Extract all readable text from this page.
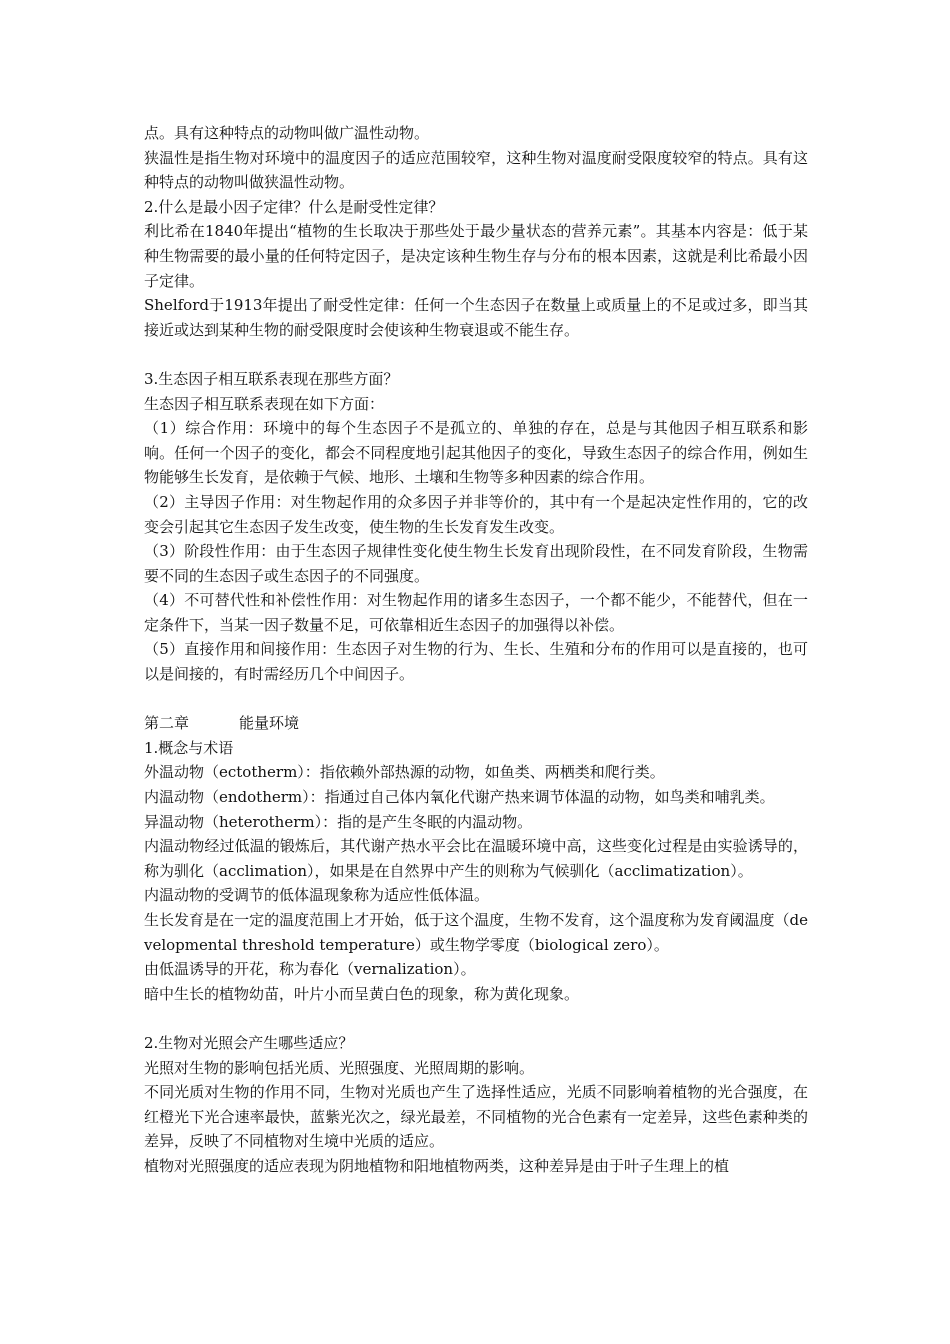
点。具有这种特点的动物叫做广温性动物。

狭温性是指生物对环境中的温度因子的适应范围较窄，这种生物对温度耐受限度较窄的特点。具有这种特点的动物叫做狭温性动物。

2.什么是最小因子定律？什么是耐受性定律？

利比希在1840年提出“植物的生长取决于那些处于最少量状态的营养元素”。其基本内容是：低于某种生物需要的最小量的任何特定因子，是决定该种生物生存与分布的根本因素，这就是利比希最小因子定律。

Shelford于1913年提出了耐受性定律：任何一个生态因子在数量上或质量上的不足或过多，即当其接近或达到某种生物的耐受限度时会使该种生物衰退或不能生存。

3.生态因子相互联系表现在那些方面？

生态因子相互联系表现在如下方面：

（1）综合作用：环境中的每个生态因子不是孤立的、单独的存在，总是与其他因子相互联系和影响。任何一个因子的变化，都会不同程度地引起其他因子的变化，导致生态因子的综合作用，例如生物能够生长发育，是依赖于气候、地形、土壤和生物等多种因素的综合作用。

（2）主导因子作用：对生物起作用的众多因子并非等价的，其中有一个是起决定性作用的，它的改变会引起其它生态因子发生改变，使生物的生长发育发生改变。

（3）阶段性作用：由于生态因子规律性变化使生物生长发育出现阶段性，在不同发育阶段，生物需要不同的生态因子或生态因子的不同强度。

（4）不可替代性和补偿性作用：对生物起作用的诸多生态因子，一个都不能少，不能替代，但在一定条件下，当某一因子数量不足，可依靠相近生态因子的加强得以补偿。

（5）直接作用和间接作用：生态因子对生物的行为、生长、生殖和分布的作用可以是直接的，也可以是间接的，有时需经历几个中间因子。

第二章	能量环境

1.概念与术语

外温动物（ectotherm）：指依赖外部热源的动物，如鱼类、两栖类和爬行类。

内温动物（endotherm）：指通过自己体内氧化代谢产热来调节体温的动物，如鸟类和哺乳类。

异温动物（heterotherm）：指的是产生冬眠的内温动物。

内温动物经过低温的锻炼后，其代谢产热水平会比在温暖环境中高，这些变化过程是由实验诱导的，称为驯化（acclimation），如果是在自然界中产生的则称为气候驯化（acclimatization）。

内温动物的受调节的低体温现象称为适应性低体温。

生长发育是在一定的温度范围上才开始，低于这个温度，生物不发育，这个温度称为发育阈温度（developmental threshold temperature）或生物学零度（biological zero）。

由低温诱导的开花，称为春化（vernalization）。

暗中生长的植物幼苗，叶片小而呈黄白色的现象，称为黄化现象。

2.生物对光照会产生哪些适应？

光照对生物的影响包括光质、光照强度、光照周期的影响。

不同光质对生物的作用不同，生物对光质也产生了选择性适应，光质不同影响着植物的光合强度，在红橙光下光合速率最快，蓝紫光次之，绿光最差，不同植物的光合色素有一定差异，这些色素种类的差异，反映了不同植物对生境中光质的适应。

植物对光照强度的适应表现为阴地植物和阳地植物两类，这种差异是由于叶子生理上的植
